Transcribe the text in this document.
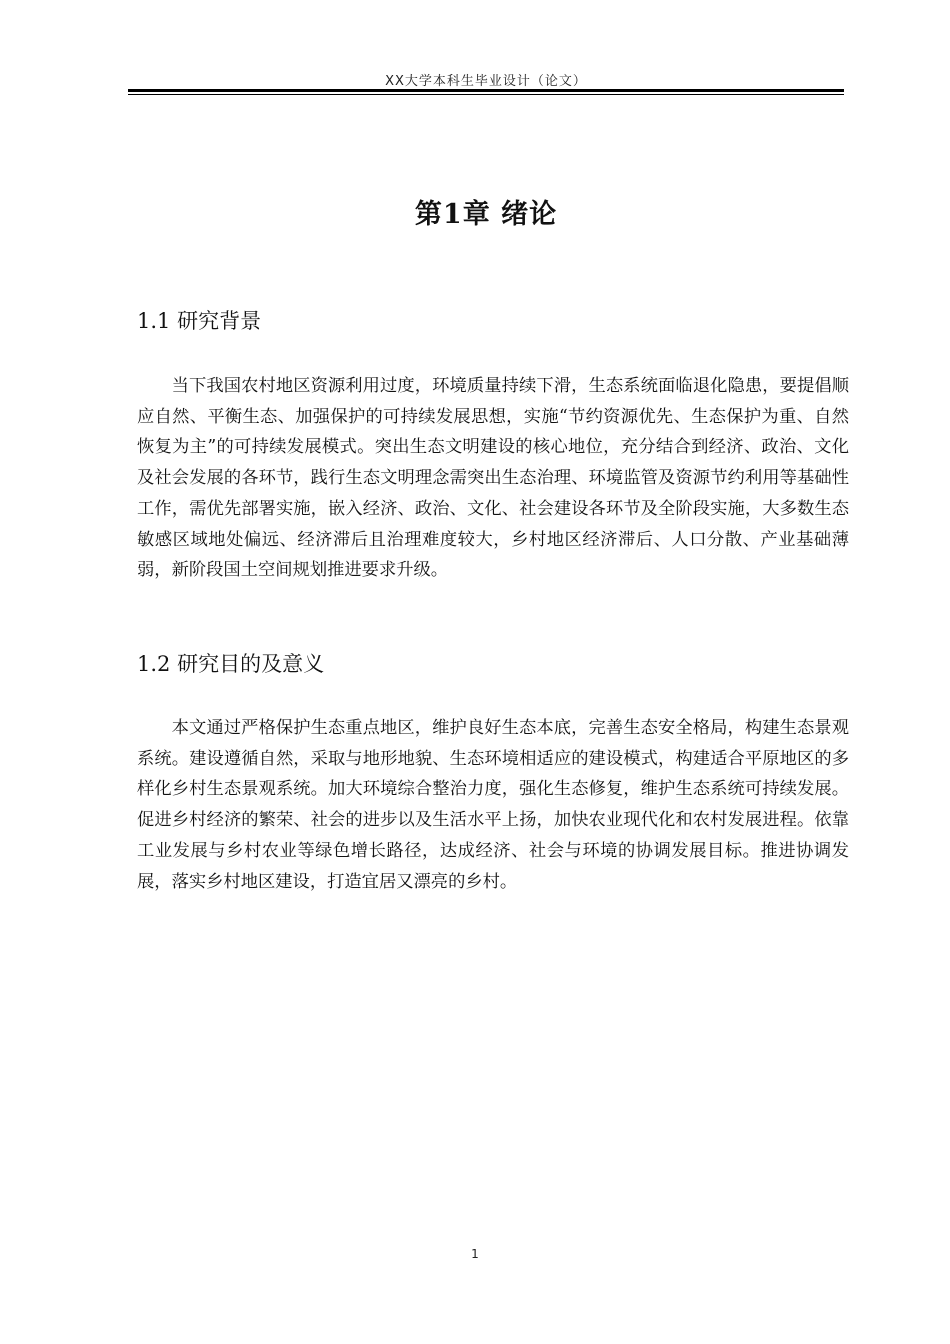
XX大学本科生毕业设计（论文）
第1章 绪论
1.1 研究背景

当下我国农村地区资源利用过度，环境质量持续下滑，生态系统面临退化隐患，要提倡顺应自然、平衡生态、加强保护的可持续发展思想，实施“节约资源优先、生态保护为重、自然恢复为主”的可持续发展模式。突出生态文明建设的核心地位，充分结合到经济、政治、文化及社会发展的各环节，践行生态文明理念需突出生态治理、环境监管及资源节约利用等基础性工作，需优先部署实施，嵌入经济、政治、文化、社会建设各环节及全阶段实施，大多数生态敏感区域地处偏远、经济滞后且治理难度较大，乡村地区经济滞后、人口分散、产业基础薄弱，新阶段国土空间规划推进要求升级。

1.2 研究目的及意义

本文通过严格保护生态重点地区，维护良好生态本底，完善生态安全格局，构建生态景观系统。建设遵循自然，采取与地形地貌、生态环境相适应的建设模式，构建适合平原地区的多样化乡村生态景观系统。加大环境综合整治力度，强化生态修复，维护生态系统可持续发展。促进乡村经济的繁荣、社会的进步以及生活水平上扬，加快农业现代化和农村发展进程。依靠工业发展与乡村农业等绿色增长路径，达成经济、社会与环境的协调发展目标。推进协调发展，落实乡村地区建设，打造宜居又漂亮的乡村。

1
